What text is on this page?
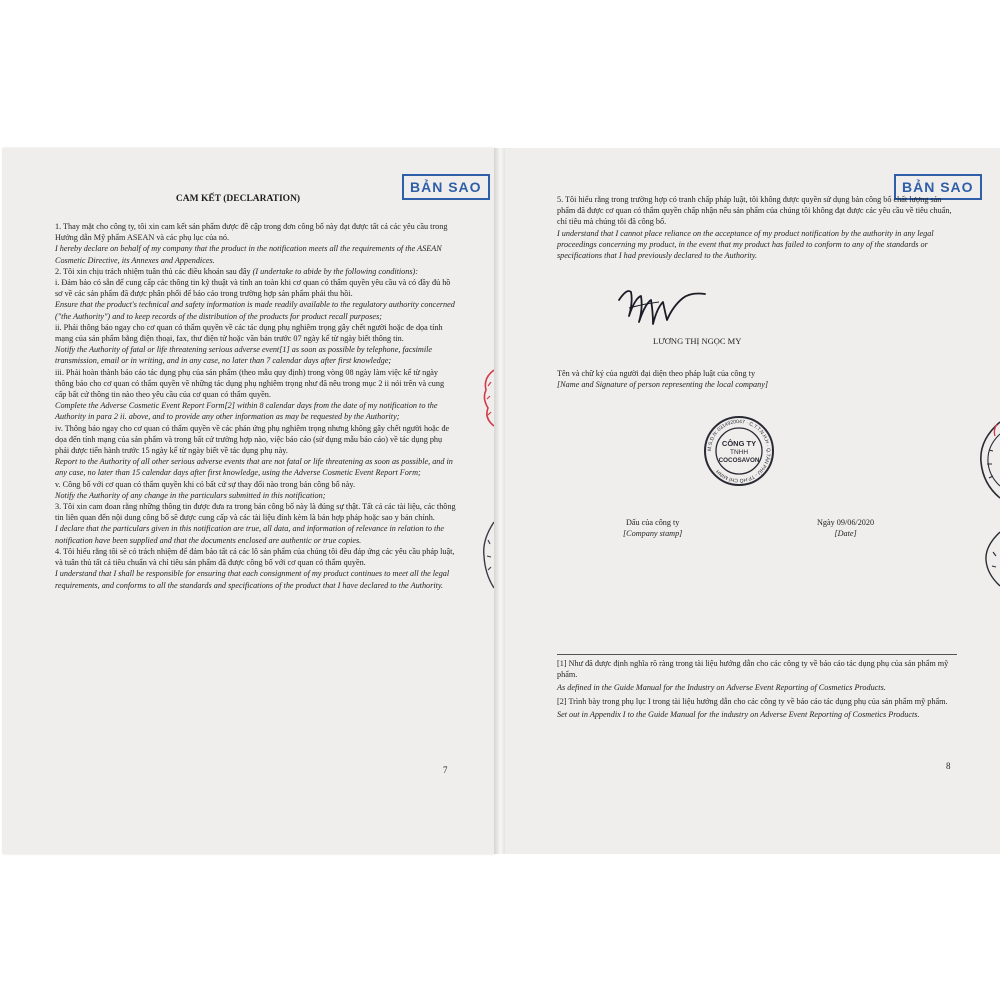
BẢN SAO
CAM KẾT (DECLARATION)

1. Thay mặt cho công ty, tôi xin cam kết sản phẩm được đề cập trong đơn công bố này đạt được tất cả các yêu cầu trong Hướng dẫn Mỹ phẩm ASEAN và các phụ lục của nó.

I hereby declare on behalf of my company that the product in the notification meets all the requirements of the ASEAN Cosmetic Directive, its Annexes and Appendices.

2. Tôi xin chịu trách nhiệm tuân thủ các điều khoản sau đây (I undertake to abide by the following conditions):

i. Đảm bảo có sẵn để cung cấp các thông tin kỹ thuật và tính an toàn khi cơ quan có thẩm quyền yêu cầu và có đầy đủ hồ sơ về các sản phẩm đã được phân phối để báo cáo trong trường hợp sản phẩm phải thu hồi.

Ensure that the product's technical and safety information is made readily available to the regulatory authority concerned ("the Authority") and to keep records of the distribution of the products for product recall purposes;

ii. Phải thông báo ngay cho cơ quan có thẩm quyền về các tác dụng phụ nghiêm trọng gây chết người hoặc đe dọa tính mạng của sản phẩm bằng điện thoại, fax, thư điện tử hoặc văn bản trước 07 ngày kể từ ngày biết thông tin.

Notify the Authority of fatal or life threatening serious adverse event[1] as soon as possible by telephone, facsimile transmission, email or in writing, and in any case, no later than 7 calendar days after first knowledge;

iii. Phải hoàn thành báo cáo tác dụng phụ của sản phẩm (theo mẫu quy định) trong vòng 08 ngày làm việc kể từ ngày thông báo cho cơ quan có thẩm quyền về những tác dụng phụ nghiêm trọng như đã nêu trong mục 2 ii nói trên và cung cấp bất cứ thông tin nào theo yêu cầu của cơ quan có thẩm quyền.

Complete the Adverse Cosmetic Event Report Form[2] within 8 calendar days from the date of my notification to the Authority in para 2 ii. above, and to provide any other information as may be requested by the Authority;

iv. Thông báo ngay cho cơ quan có thẩm quyền về các phản ứng phụ nghiêm trọng nhưng không gây chết người hoặc đe dọa đến tính mạng của sản phẩm và trong bất cứ trường hợp nào, việc báo cáo (sử dụng mẫu báo cáo) về tác dụng phụ phải được tiến hành trước 15 ngày kể từ ngày biết về tác dụng phụ này.

Report to the Authority of all other serious adverse events that are not fatal or life threatening as soon as possible, and in any case, no later than 15 calendar days after first knowledge, using the Adverse Cosmetic Event Report Form;

v. Công bố với cơ quan có thẩm quyền khi có bất cứ sự thay đổi nào trong bản công bố này.

Notify the Authority of any change in the particulars submitted in this notification;

3. Tôi xin cam đoan rằng những thông tin được đưa ra trong bản công bố này là đúng sự thật. Tất cả các tài liệu, các thông tin liên quan đến nội dung công bố sẽ được cung cấp và các tài liệu đính kèm là bản hợp pháp hoặc sao y bản chính.

I declare that the particulars given in this notification are true, all data, and information of relevance in relation to the notification have been supplied and that the documents enclosed are authentic or true copies.

4. Tôi hiểu rằng tôi sẽ có trách nhiệm để đảm bảo tất cả các lô sản phẩm của chúng tôi đều đáp ứng các yêu cầu pháp luật, và tuân thủ tất cả tiêu chuẩn và chỉ tiêu sản phẩm đã được công bố với cơ quan có thẩm quyền.

I understand that I shall be responsible for ensuring that each consignment of my product continues to meet all the legal requirements, and conforms to all the standards and specifications of the product that I have declared to the Authority.

7
BẢN SAO

5. Tôi hiểu rằng trong trường hợp có tranh chấp pháp luật, tôi không được quyền sử dụng bản công bố chất lượng sản phẩm đã được cơ quan có thẩm quyền chấp nhận nếu sản phẩm của chúng tôi không đạt được các yêu cầu về tiêu chuẩn, chỉ tiêu mà chúng tôi đã công bố.

I understand that I cannot place reliance on the acceptance of my product notification by the authority in any legal proceedings concerning my product, in the event that my product has failed to conform to any of the standards or specifications that I had previously declared to the Authority.

LƯƠNG THỊ NGỌC MY

Tên và chữ ký của người đại diện theo pháp luật của công ty

[Name and Signature of person representing the local company]

M.S.D.N: 0314920047 · C.T.T.N.H.H · Q.TÂN PHÚ - TP.HỒ CHÍ MINH
CÔNG TY
TNHH
COCOSAVON
Dấu của công ty
[Company stamp]
Ngày 09/06/2020
[Date]

[1] Như đã được định nghĩa rõ ràng trong tài liệu hướng dẫn cho các công ty về báo cáo tác dụng phụ của sản phẩm mỹ phẩm.

As defined in the Guide Manual for the Industry on Adverse Event Reporting of Cosmetics Products.

[2] Trình bày trong phụ lục I trong tài liệu hướng dẫn cho các công ty về báo cáo tác dụng phụ của sản phẩm mỹ phẩm.

Set out in Appendix I to the Guide Manual for the industry on Adverse Event Reporting of Cosmetics Products.

8
